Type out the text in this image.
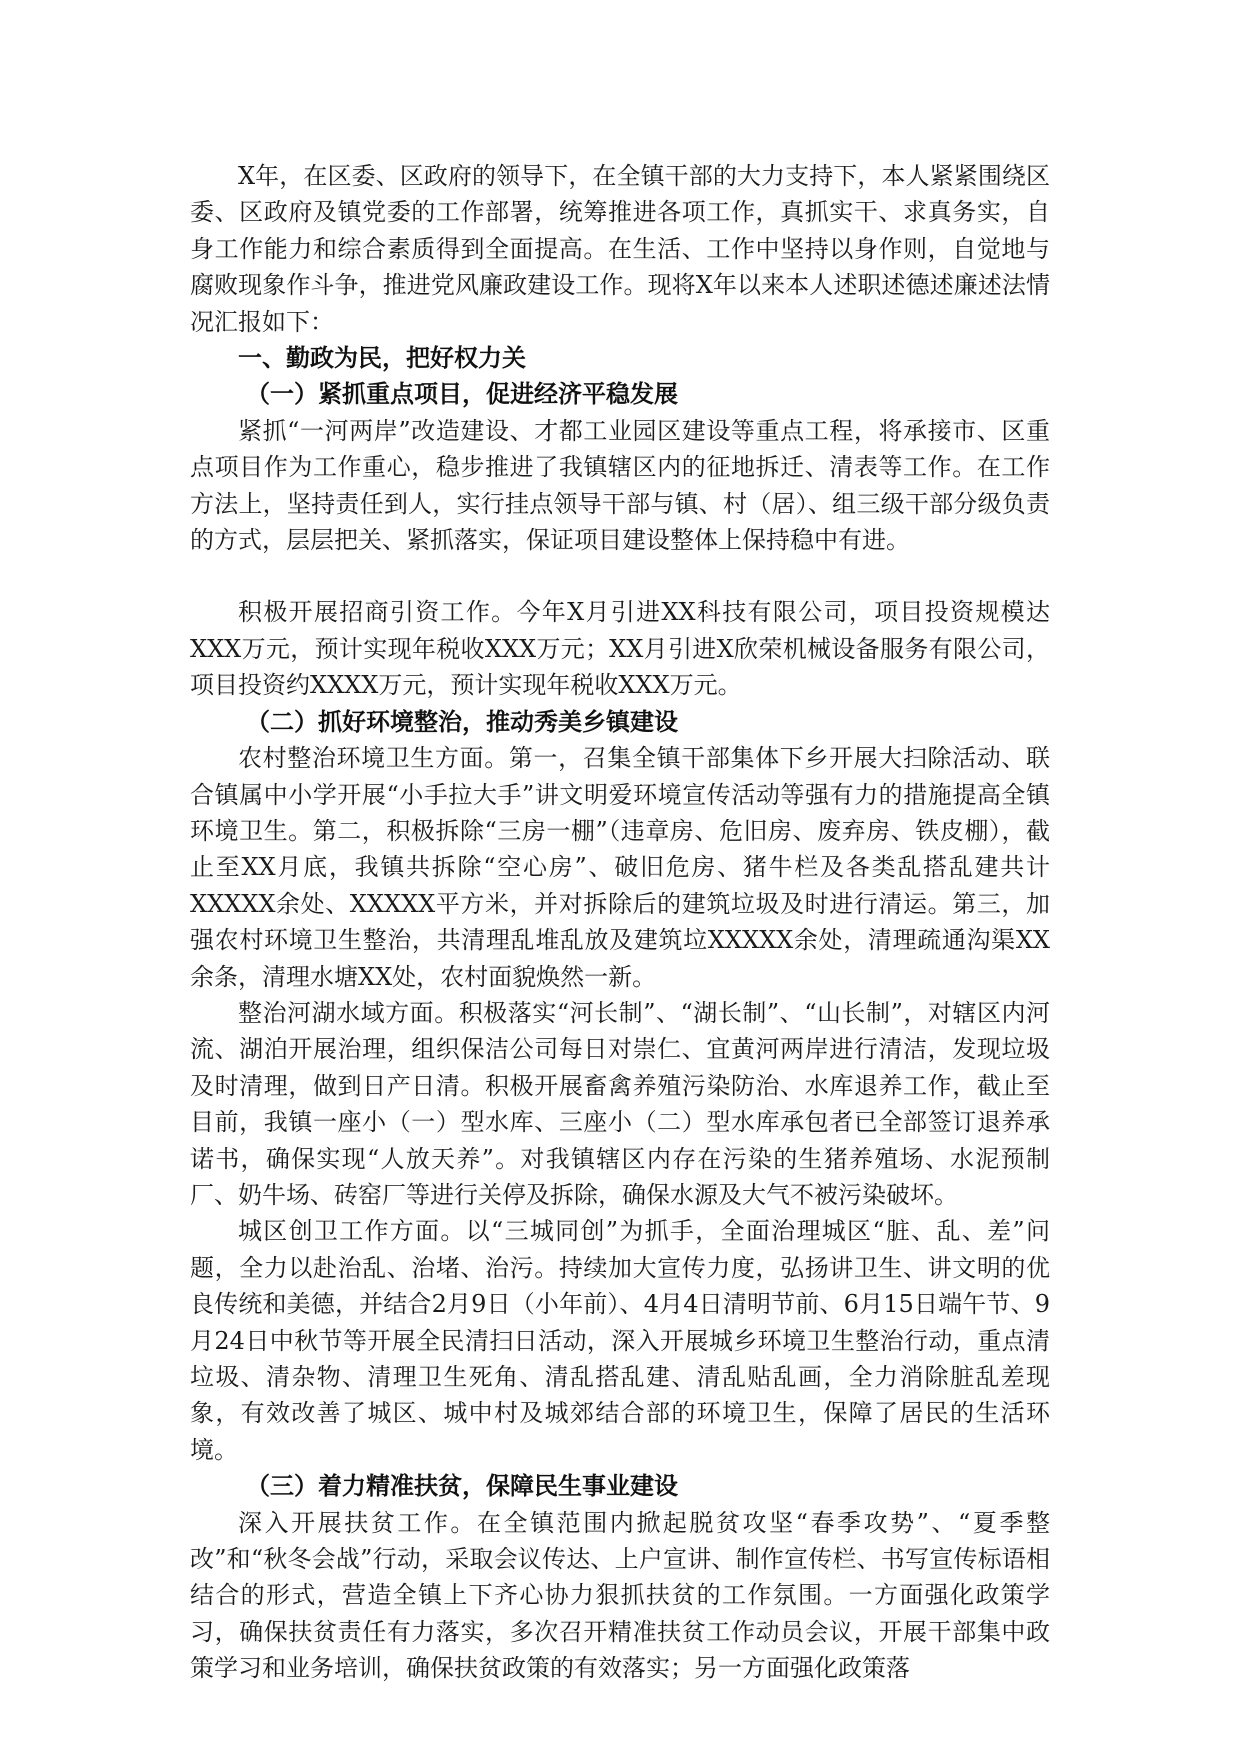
X年，在区委、区政府的领导下，在全镇干部的大力支持下，本人紧紧围绕区委、区政府及镇党委的工作部署，统筹推进各项工作，真抓实干、求真务实，自身工作能力和综合素质得到全面提高。在生活、工作中坚持以身作则，自觉地与腐败现象作斗争，推进党风廉政建设工作。现将X年以来本人述职述德述廉述法情况汇报如下：

一、勤政为民，把好权力关

（一）紧抓重点项目，促进经济平稳发展

紧抓“一河两岸”改造建设、才都工业园区建设等重点工程，将承接市、区重点项目作为工作重心，稳步推进了我镇辖区内的征地拆迁、清表等工作。在工作方法上，坚持责任到人，实行挂点领导干部与镇、村（居）、组三级干部分级负责的方式，层层把关、紧抓落实，保证项目建设整体上保持稳中有进。

积极开展招商引资工作。今年X月引进XX科技有限公司，项目投资规模达XXX万元，预计实现年税收XXX万元；XX月引进X欣荣机械设备服务有限公司，项目投资约XXXX万元，预计实现年税收XXX万元。

（二）抓好环境整治，推动秀美乡镇建设

农村整治环境卫生方面。第一，召集全镇干部集体下乡开展大扫除活动、联合镇属中小学开展“小手拉大手”讲文明爱环境宣传活动等强有力的措施提高全镇环境卫生。第二，积极拆除“三房一棚”（违章房、危旧房、废弃房、铁皮棚），截止至XX月底，我镇共拆除“空心房”、破旧危房、猪牛栏及各类乱搭乱建共计XXXXX余处、XXXXX平方米，并对拆除后的建筑垃圾及时进行清运。第三，加强农村环境卫生整治，共清理乱堆乱放及建筑垃XXXXX余处，清理疏通沟渠XX余条，清理水塘XX处，农村面貌焕然一新。

整治河湖水域方面。积极落实“河长制”、“湖长制”、“山长制”，对辖区内河流、湖泊开展治理，组织保洁公司每日对崇仁、宜黄河两岸进行清洁，发现垃圾及时清理，做到日产日清。积极开展畜禽养殖污染防治、水库退养工作，截止至目前，我镇一座小（一）型水库、三座小（二）型水库承包者已全部签订退养承诺书，确保实现“人放天养”。对我镇辖区内存在污染的生猪养殖场、水泥预制厂、奶牛场、砖窑厂等进行关停及拆除，确保水源及大气不被污染破坏。

城区创卫工作方面。以“三城同创”为抓手，全面治理城区“脏、乱、差”问题，全力以赴治乱、治堵、治污。持续加大宣传力度，弘扬讲卫生、讲文明的优良传统和美德，并结合2月9日（小年前）、4月4日清明节前、6月15日端午节、9月24日中秋节等开展全民清扫日活动，深入开展城乡环境卫生整治行动，重点清垃圾、清杂物、清理卫生死角、清乱搭乱建、清乱贴乱画，全力消除脏乱差现象，有效改善了城区、城中村及城郊结合部的环境卫生，保障了居民的生活环境。

（三）着力精准扶贫，保障民生事业建设

深入开展扶贫工作。在全镇范围内掀起脱贫攻坚“春季攻势”、“夏季整改”和“秋冬会战”行动，采取会议传达、上户宣讲、制作宣传栏、书写宣传标语相结合的形式，营造全镇上下齐心协力狠抓扶贫的工作氛围。一方面强化政策学习，确保扶贫责任有力落实，多次召开精准扶贫工作动员会议，开展干部集中政策学习和业务培训，确保扶贫政策的有效落实；另一方面强化政策落
